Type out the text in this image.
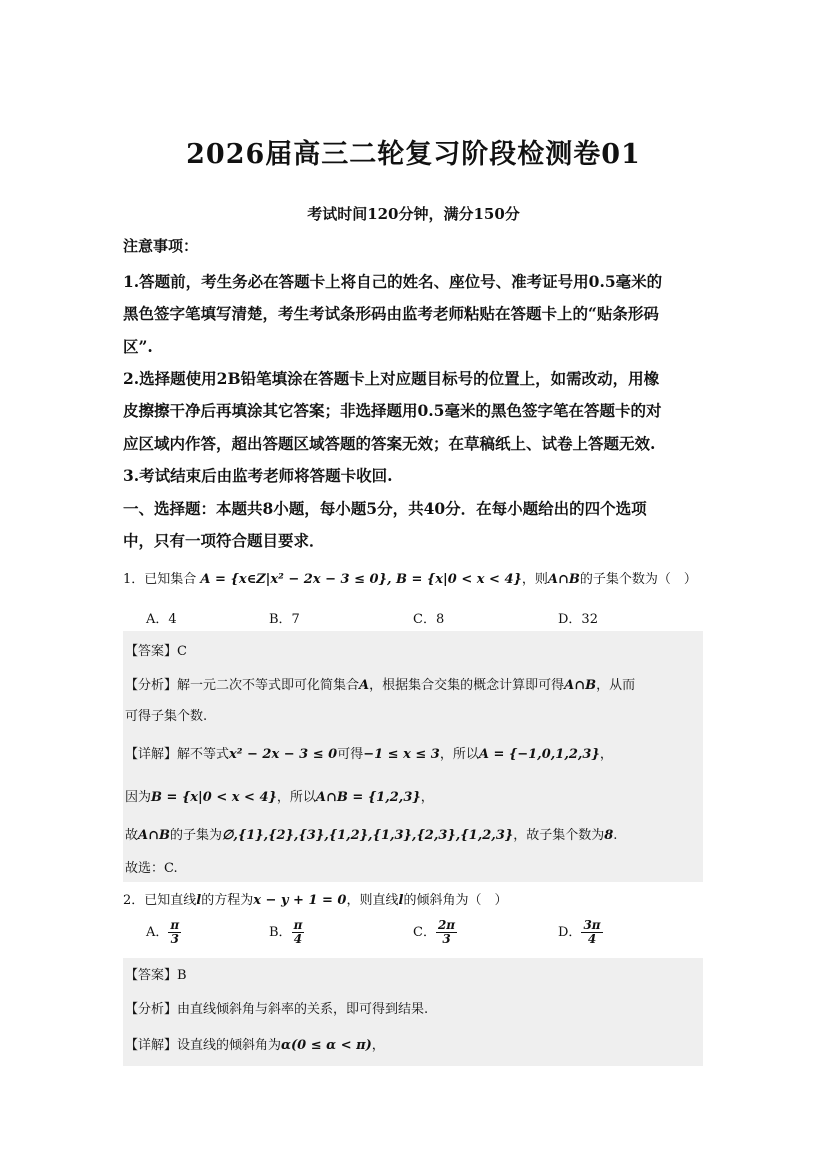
2026届高三二轮复习阶段检测卷01
考试时间120分钟，满分150分
注意事项：
1.答题前，考生务必在答题卡上将自己的姓名、座位号、准考证号用0.5毫米的
黑色签字笔填写清楚，考生考试条形码由监考老师粘贴在答题卡上的“贴条形码
区”.
2.选择题使用2B铅笔填涂在答题卡上对应题目标号的位置上，如需改动，用橡
皮擦擦干净后再填涂其它答案；非选择题用0.5毫米的黑色签字笔在答题卡的对
应区域内作答，超出答题区域答题的答案无效；在草稿纸上、试卷上答题无效.
3.考试结束后由监考老师将答题卡收回.
一、选择题：本题共8小题，每小题5分，共40分．在每小题给出的四个选项
中，只有一项符合题目要求．
1．已知集合 A = {x∈Z|x² − 2x − 3 ≤ 0}, B = {x|0 < x < 4}，则A∩B的子集个数为（　）
A．4	B．7	C．8	D．32
【答案】C
【分析】解一元二次不等式即可化简集合A，根据集合交集的概念计算即可得A∩B，从而
可得子集个数.
【详解】解不等式x² − 2x − 3 ≤ 0可得−1 ≤ x ≤ 3，所以A = {−1,0,1,2,3}，
因为B = {x|0 < x < 4}，所以A∩B = {1,2,3}，
故A∩B的子集为∅,{1},{2},{3},{1,2},{1,3},{2,3},{1,2,3}，故子集个数为8.
故选：C.
2．已知直线l的方程为x − y + 1 = 0，则直线l的倾斜角为（　）
A． $\frac{\pi}{3}$	B． $\frac{\pi}{4}$	C． $\frac{2\pi}{3}$	D． $\frac{3\pi}{4}$
【答案】B
【分析】由直线倾斜角与斜率的关系，即可得到结果.
【详解】设直线的倾斜角为α(0 ≤ α < π)，
